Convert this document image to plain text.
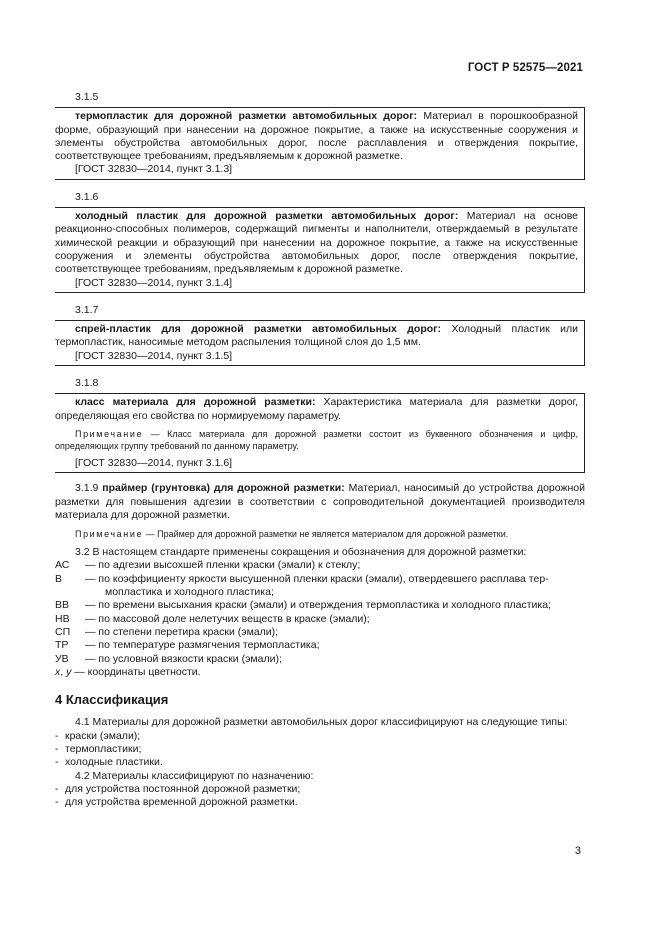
ГОСТ Р 52575—2021
3.1.5

термопластик для дорожной разметки автомобильных дорог: Материал в порошкообразной форме, образующий при нанесении на дорожное покрытие, а также на искусственные сооружения и элементы обустройства автомобильных дорог, после расплавления и отверждения покрытие, соответствующее требованиям, предъявляемым к дорожной разметке.

[ГОСТ 32830—2014, пункт 3.1.3]

3.1.6

холодный пластик для дорожной разметки автомобильных дорог: Материал на основе реакционно-способных полимеров, содержащий пигменты и наполнители, отверждаемый в результате химической реакции и образующий при нанесении на дорожное покрытие, а также на искусственные сооружения и элементы обустройства автомобильных дорог, после отверждения покрытие, соответствующее требованиям, предъявляемым к дорожной разметке.

[ГОСТ 32830—2014, пункт 3.1.4]

3.1.7

спрей-пластик для дорожной разметки автомобильных дорог: Холодный пластик или термопластик, наносимые методом распыления толщиной слоя до 1,5 мм.

[ГОСТ 32830—2014, пункт 3.1.5]

3.1.8

класс материала для дорожной разметки: Характеристика материала для разметки дорог, определяющая его свойства по нормируемому параметру.

Примечание — Класс материала для дорожной разметки состоит из буквенного обозначения и цифр, определяющих группу требований по данному параметру.

[ГОСТ 32830—2014, пункт 3.1.6]

3.1.9 праймер (грунтовка) для дорожной разметки: Материал, наносимый до устройства дорожной разметки для повышения адгезии в соответствии с сопроводительной документацией производителя материала для дорожной разметки.

Примечание — Праймер для дорожной разметки не является материалом для дорожной разметки.

3.2 В настоящем стандарте применены сокращения и обозначения для дорожной разметки:

АС	— по адгезии высохшей пленки краски (эмали) к стеклу;
В	— по коэффициенту яркости высушенной пленки краски (эмали), отвердевшего расплава тер-
мопластика и холодного пластика;
ВВ	— по времени высыхания краски (эмали) и отверждения термопластика и холодного пластика;
НВ	— по массовой доле нелетучих веществ в краске (эмали);
СП	— по степени перетира краски (эмали);
ТР	— по температуре размягчения термопластика;
УВ	— по условной вязкости краски (эмали);
x, y — координаты цветности.
4 Классификация

4.1 Материалы для дорожной разметки автомобильных дорог классифицируют на следующие типы:

- краски (эмали);

- термопластики;

- холодные пластики.

4.2 Материалы классифицируют по назначению:

- для устройства постоянной дорожной разметки;

- для устройства временной дорожной разметки.

3
